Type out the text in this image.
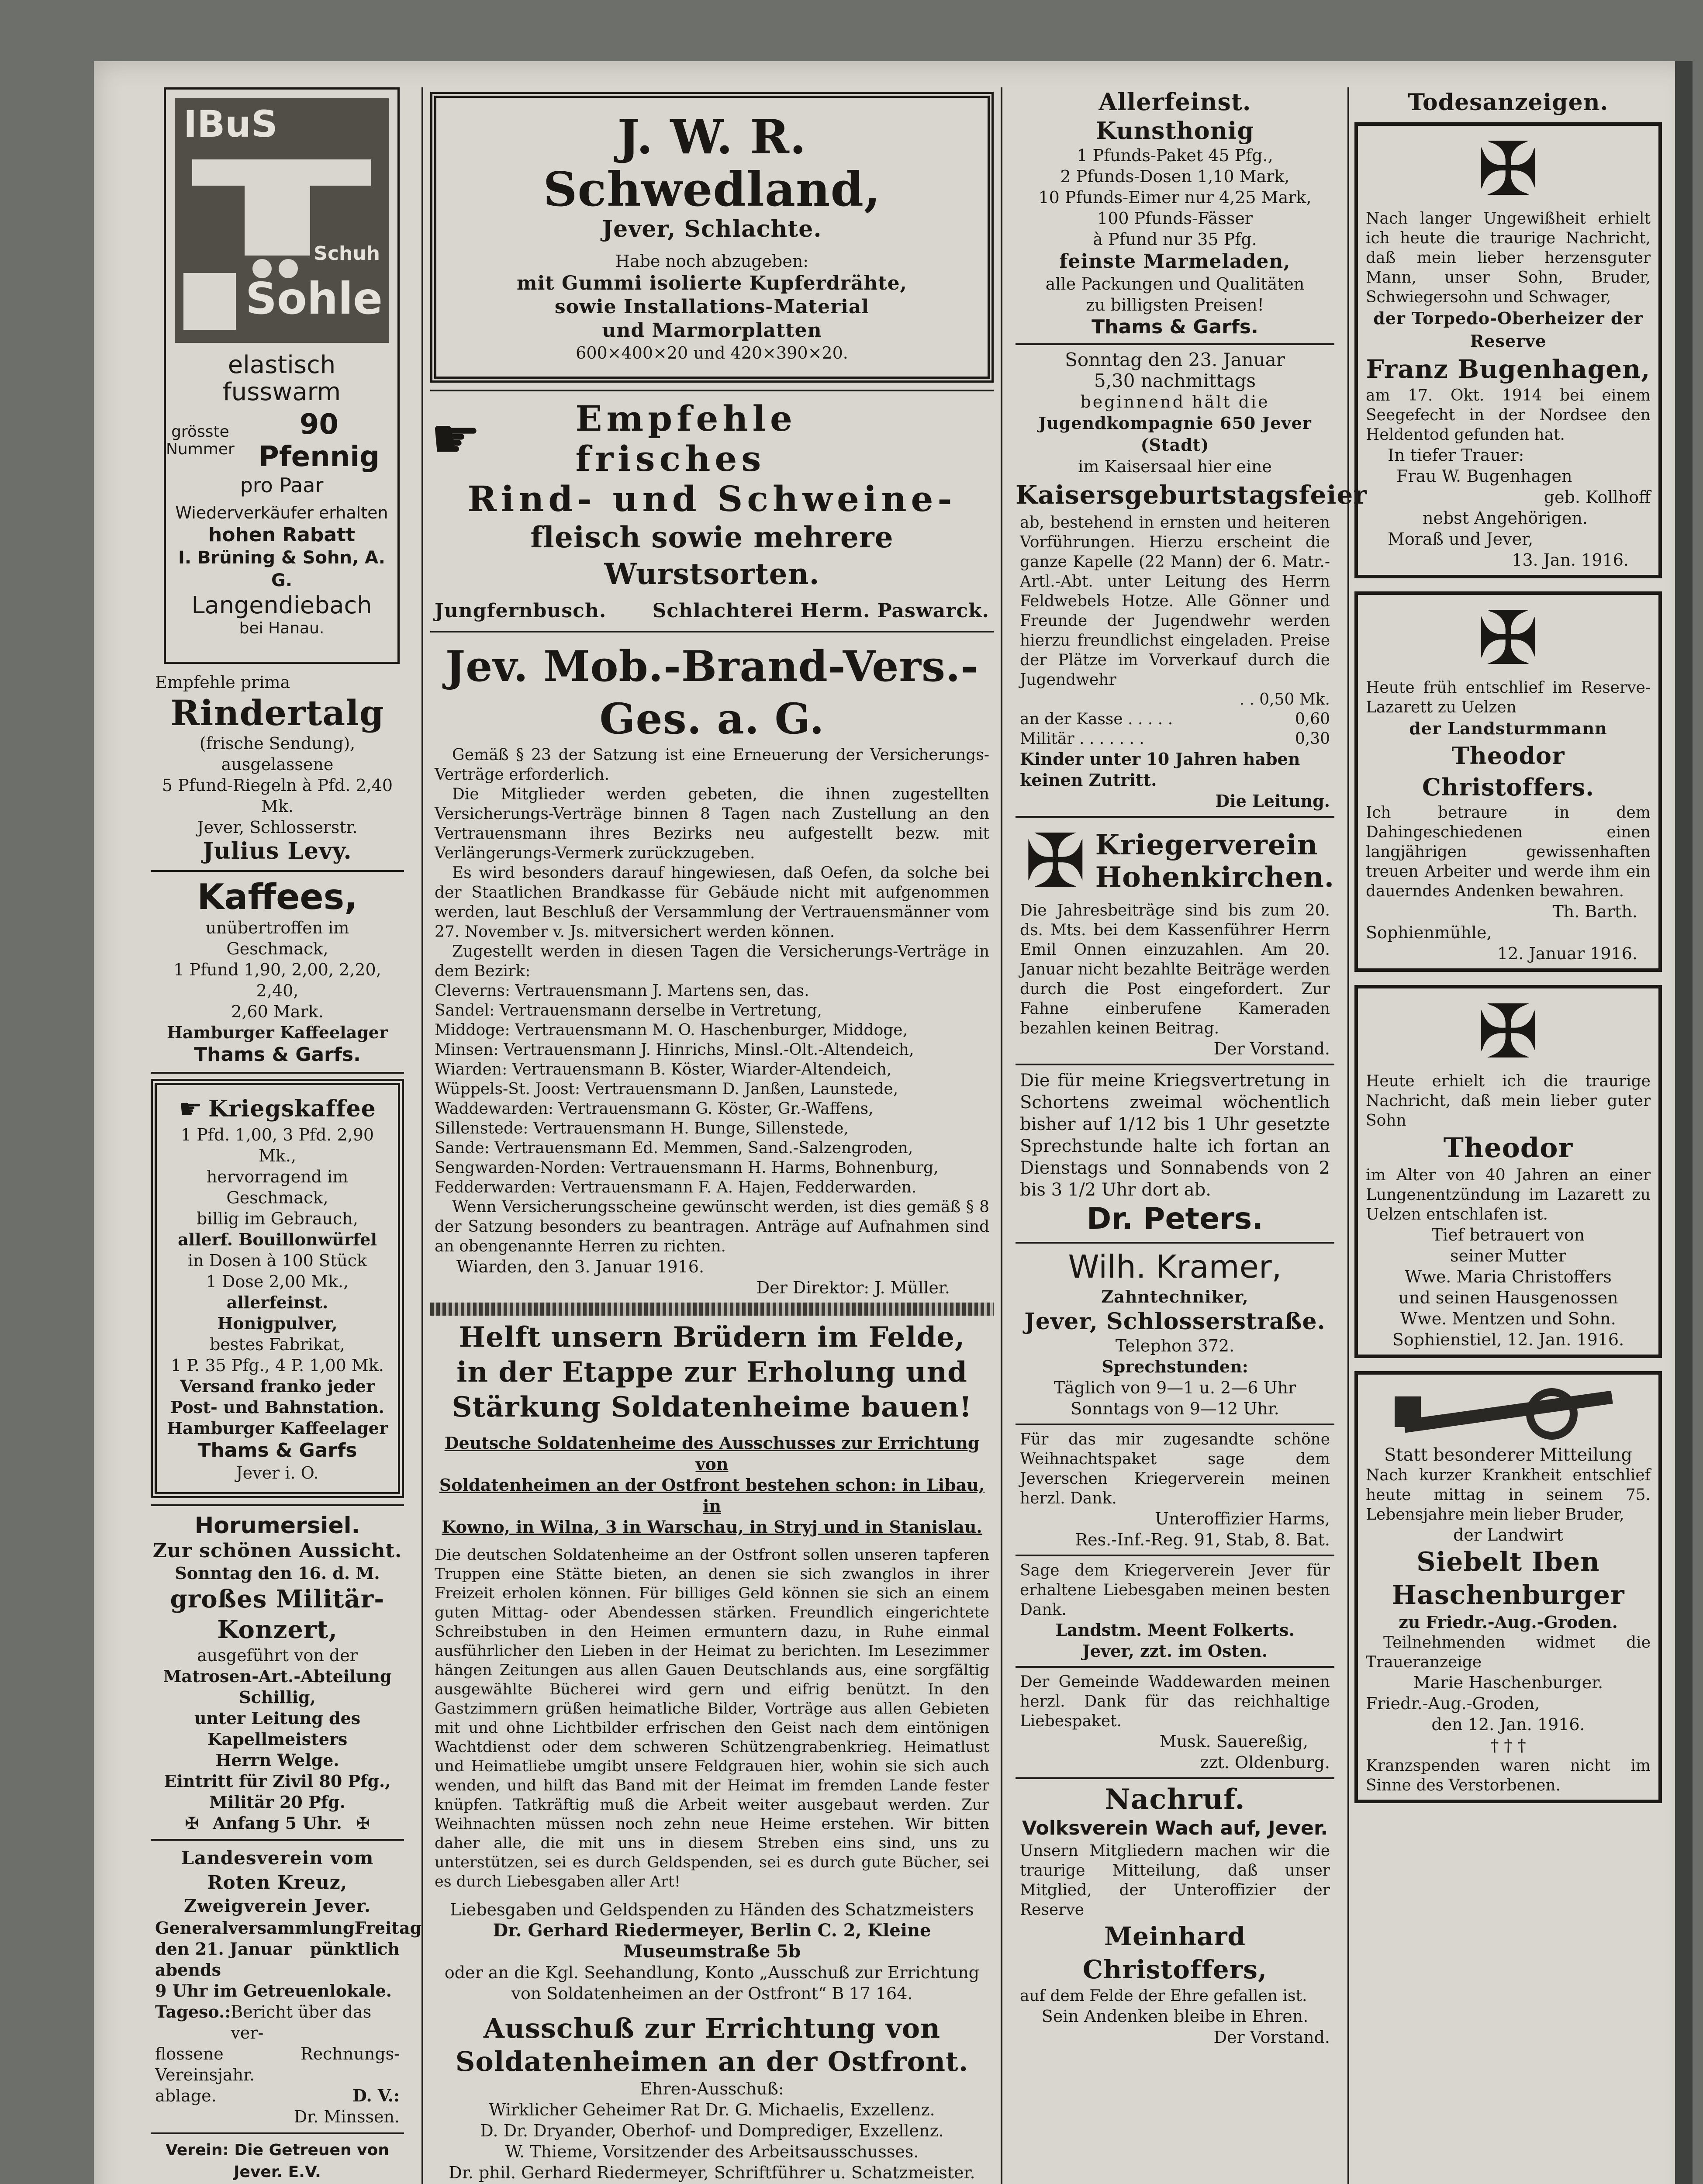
IBuS
Schuh
Sohle
elastisch
fusswarm
grösste
Nummer
90 Pfennig
pro Paar
Wiederverkäufer erhalten
hohen Rabatt
I. Brüning & Sohn, A. G.
Langendiebach
bei Hanau.
Empfehle prima
Rindertalg
(frische Sendung), ausgelassene
5 Pfund-Riegeln à Pfd. 2,40 Mk.
Jever, Schlosserstr.
Julius Levy.
Kaffees,
unübertroffen im Geschmack,
1 Pfund 1,90, 2,00, 2,20, 2,40,
2,60 Mark.
Hamburger Kaffeelager
Thams & Garfs.
☛ Kriegskaffee
1 Pfd. 1,00, 3 Pfd. 2,90 Mk.,
hervorragend im Geschmack,
billig im Gebrauch,
allerf. Bouillonwürfel
in Dosen à 100 Stück
1 Dose 2,00 Mk.,
allerfeinst. Honigpulver,
bestes Fabrikat,
1 P. 35 Pfg., 4 P. 1,00 Mk.
Versand franko jeder
Post- und Bahnstation.
Hamburger Kaffeelager
Thams & Garfs
Jever i. O.
Horumersiel.
Zur schönen Aussicht.
Sonntag den 16. d. M.
großes Militär-Konzert,
ausgeführt von der
Matrosen-Art.-Abteilung Schillig,
unter Leitung des Kapellmeisters
Herrn Welge.
Eintritt für Zivil 80 Pfg.,
Militär 20 Pfg.
✠ Anfang 5 Uhr. ✠
Landesverein vom Roten Kreuz,
Zweigverein Jever.
Generalversammlung Freitag
den 21. Januar abends
pünktlich
9 Uhr im Getreuenlokale.
Tageso.: Bericht über das ver-
flossene Vereinsjahr.
Rechnungs-
ablage.	D. V.:
Dr. Minssen.
Verein: Die Getreuen von Jever. E.V.
J. W. R. Schwedland,
Jever, Schlachte.
Habe noch abzugeben:
mit Gummi isolierte Kupferdrähte,
sowie Installations-Material
und Marmorplatten
600×400×20 und 420×390×20.
☛	Empfehle frisches
Rind- und Schweine-
fleisch sowie mehrere Wurstsorten.
Jungfernbusch. Schlachterei Herm. Paswarck.
Jev. Mob.-Brand-Vers.-Ges. a. G.
Gemäß § 23 der Satzung ist eine Erneuerung der Versicherungs-Verträge erforderlich.
Die Mitglieder werden gebeten, die ihnen zugestellten Versicherungs-Verträge binnen 8 Tagen nach Zustellung an den Vertrauensmann ihres Bezirks neu aufgestellt bezw. mit Verlängerungs-Vermerk zurückzugeben.
Es wird besonders darauf hingewiesen, daß Oefen, da solche bei der Staatlichen Brandkasse für Gebäude nicht mit aufgenommen werden, laut Beschluß der Versammlung der Vertrauensmänner vom 27. November v. Js. mitversichert werden können.
Zugestellt werden in diesen Tagen die Versicherungs-Verträge in dem Bezirk:
Cleverns: Vertrauensmann J. Martens sen, das.
Sandel: Vertrauensmann derselbe in Vertretung,
Middoge: Vertrauensmann M. O. Haschenburger, Middoge,
Minsen: Vertrauensmann J. Hinrichs, Minsl.-Olt.-Altendeich,
Wiarden: Vertrauensmann B. Köster, Wiarder-Altendeich,
Wüppels-St. Joost: Vertrauensmann D. Janßen, Launstede,
Waddewarden: Vertrauensmann G. Köster, Gr.-Waffens,
Sillenstede: Vertrauensmann H. Bunge, Sillenstede,
Sande: Vertrauensmann Ed. Memmen, Sand.-Salzengroden,
Sengwarden-Norden: Vertrauensmann H. Harms, Bohnenburg,
Fedderwarden: Vertrauensmann F. A. Hajen, Fedderwarden.
Wenn Versicherungsscheine gewünscht werden, ist dies gemäß § 8 der Satzung besonders zu beantragen. Anträge auf Aufnahmen sind an obengenannte Herren zu richten.
Wiarden, den 3. Januar 1916.
Der Direktor: J. Müller.
Helft unsern Brüdern im Felde,
in der Etappe zur Erholung und
Stärkung Soldatenheime bauen!
Deutsche Soldatenheime des Ausschusses zur Errichtung von
Soldatenheimen an der Ostfront bestehen schon: in Libau, in
Kowno, in Wilna, 3 in Warschau, in Stryj und in Stanislau.
Die deutschen Soldatenheime an der Ostfront sollen unseren tapferen Truppen eine Stätte bieten, an denen sie sich zwanglos in ihrer Freizeit erholen können. Für billiges Geld können sie sich an einem guten Mittag- oder Abendessen stärken. Freundlich eingerichtete Schreibstuben in den Heimen ermuntern dazu, in Ruhe einmal ausführlicher den Lieben in der Heimat zu berichten. Im Lesezimmer hängen Zeitungen aus allen Gauen Deutschlands aus, eine sorgfältig ausgewählte Bücherei wird gern und eifrig benützt. In den Gastzimmern grüßen heimatliche Bilder, Vorträge aus allen Gebieten mit und ohne Lichtbilder erfrischen den Geist nach dem eintönigen Wachtdienst oder dem schweren Schützengrabenkrieg. Heimatlust und Heimatliebe umgibt unsere Feldgrauen hier, wohin sie sich auch wenden, und hilft das Band mit der Heimat im fremden Lande fester knüpfen. Tatkräftig muß die Arbeit weiter ausgebaut werden. Zur Weihnachten müssen noch zehn neue Heime erstehen. Wir bitten daher alle, die mit uns in diesem Streben eins sind, uns zu unterstützen, sei es durch Geldspenden, sei es durch gute Bücher, sei es durch Liebesgaben aller Art!
Liebesgaben und Geldspenden zu Händen des Schatzmeisters
Dr. Gerhard Riedermeyer, Berlin C. 2, Kleine Museumstraße 5b
oder an die Kgl. Seehandlung, Konto „Ausschuß zur Errichtung von Soldatenheimen an der Ostfront“ B 17 164.
Ausschuß zur Errichtung von
Soldatenheimen an der Ostfront.
Ehren-Ausschuß:
Wirklicher Geheimer Rat Dr. G. Michaelis, Exzellenz.
D. Dr. Dryander, Oberhof- und Domprediger, Exzellenz.
W. Thieme, Vorsitzender des Arbeitsausschusses.
Dr. phil. Gerhard Riedermeyer, Schriftführer u. Schatzmeister.
Allerfeinst. Kunsthonig
1 Pfunds-Paket 45 Pfg.,
2 Pfunds-Dosen 1,10 Mark,
10 Pfunds-Eimer nur 4,25 Mark,
100 Pfunds-Fässer
à Pfund nur 35 Pfg.
feinste Marmeladen,
alle Packungen und Qualitäten
zu billigsten Preisen!
Thams & Garfs.
Sonntag den 23. Januar
5,30 nachmittags
beginnend hält die
Jugendkompagnie 650 Jever (Stadt)
im Kaisersaal hier eine
Kaisersgeburtstagsfeier
ab, bestehend in ernsten und heiteren Vorführungen. Hierzu erscheint die ganze Kapelle (22 Mann) der 6. Matr.-Artl.-Abt. unter Leitung des Herrn Feldwebels Hotze. Alle Gönner und Freunde der Jugendwehr werden hierzu freundlichst eingeladen. Preise der Plätze im Vorverkauf durch die Jugendwehr
. . 0,50 Mk.
an der Kasse . . . . .	0,60
Militär . . . . . . .	0,30
Kinder unter 10 Jahren haben keinen Zutritt.
Die Leitung.
✠ Kriegerverein
Hohenkirchen.
Die Jahresbeiträge sind bis zum 20. ds. Mts. bei dem Kassenführer Herrn Emil Onnen einzuzahlen. Am 20. Januar nicht bezahlte Beiträge werden durch die Post eingefordert. Zur Fahne einberufene Kameraden bezahlen keinen Beitrag.
Der Vorstand.
Die für meine Kriegsvertretung in Schortens zweimal wöchentlich bisher auf 1/12 bis 1 Uhr gesetzte Sprechstunde halte ich fortan an Dienstags und Sonnabends von 2 bis 3 1/2 Uhr dort ab.
Dr. Peters.
Wilh. Kramer,
Zahntechniker,
Jever, Schlosserstraße.
Telephon 372.
Sprechstunden:
Täglich von 9—1 u. 2—6 Uhr
Sonntags von 9—12 Uhr.
Für das mir zugesandte schöne Weihnachtspaket sage dem Jeverschen Kriegerverein meinen herzl. Dank.
Unteroffizier Harms,
Res.-Inf.-Reg. 91, Stab, 8. Bat.
Sage dem Kriegerverein Jever für erhaltene Liebesgaben meinen besten Dank.
Landstm. Meent Folkerts.
Jever, zzt. im Osten.
Der Gemeinde Waddewarden meinen herzl. Dank für das reichhaltige Liebespaket.
Musk. Sauereßig,
zzt. Oldenburg.
Nachruf.
Volksverein Wach auf, Jever.
Unsern Mitgliedern machen wir die traurige Mitteilung, daß unser Mitglied, der Unteroffizier der Reserve
Meinhard Christoffers,
auf dem Felde der Ehre gefallen ist.
Sein Andenken bleibe in Ehren.
Der Vorstand.
Todesanzeigen.
✠
Nach langer Ungewißheit erhielt ich heute die traurige Nachricht, daß mein lieber herzensguter Mann, unser Sohn, Bruder, Schwiegersohn und Schwager,
der Torpedo-Oberheizer der Reserve
Franz Bugenhagen,
am 17. Okt. 1914 bei einem Seegefecht in der Nordsee den Heldentod gefunden hat.
In tiefer Trauer:
Frau W. Bugenhagen
geb. Kollhoff
nebst Angehörigen.
Moraß und Jever,
13. Jan. 1916.
✠
Heute früh entschlief im Reserve-Lazarett zu Uelzen
der Landsturmmann
Theodor Christoffers.
Ich betraure in dem Dahingeschiedenen einen langjährigen gewissenhaften treuen Arbeiter und werde ihm ein dauerndes Andenken bewahren.
Th. Barth.
Sophienmühle,
12. Januar 1916.
✠
Heute erhielt ich die traurige Nachricht, daß mein lieber guter Sohn
Theodor
im Alter von 40 Jahren an einer Lungenentzündung im Lazarett zu Uelzen entschlafen ist.
Tief betrauert von
seiner Mutter
Wwe. Maria Christoffers
und seinen Hausgenossen
Wwe. Mentzen und Sohn.
Sophienstiel, 12. Jan. 1916.
Statt besonderer Mitteilung
Nach kurzer Krankheit entschlief heute mittag in seinem 75. Lebensjahre mein lieber Bruder,
der Landwirt
Siebelt Iben
Haschenburger
zu Friedr.-Aug.-Groden.
Teilnehmenden widmet die Traueranzeige
Marie Haschenburger.
Friedr.-Aug.-Groden,
den 12. Jan. 1916.
† † †
Kranzspenden waren nicht im Sinne des Verstorbenen.
